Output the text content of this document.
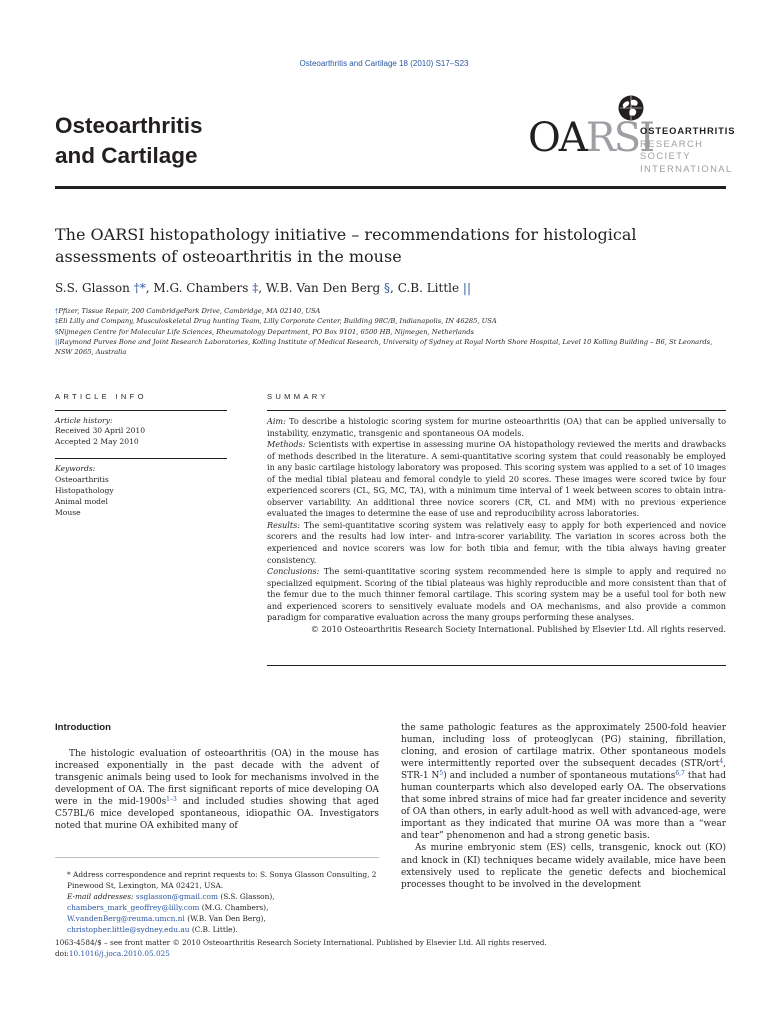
Osteoarthritis and Cartilage 18 (2010) S17–S23
Osteoarthritis
and Cartilage	OARSI
OSTEOARTHRITIS
RESEARCH SOCIETY
INTERNATIONAL
The OARSI histopathology initiative – recommendations for histological assessments of osteoarthritis in the mouse
S.S. Glasson †*, M.G. Chambers ‡, W.B. Van Den Berg §, C.B. Little ||
†Pfizer, Tissue Repair, 200 CambridgePark Drive, Cambridge, MA 02140, USA
‡Eli Lilly and Company, Musculoskeletal Drug hunting Team, Lilly Corporate Center, Building 98C/B, Indianapolis, IN 46285, USA
§Nijmegen Centre for Molecular Life Sciences, Rheumatology Department, PO Box 9101, 6500 HB, Nijmegen, Netherlands
||Raymond Purves Bone and Joint Research Laboratories, Kolling Institute of Medical Research, University of Sydney at Royal North Shore Hospital, Level 10 Kolling Building – B6, St Leonards, NSW 2065, Australia
ARTICLE INFO	SUMMARY
Article history:
Received 30 April 2010
Accepted 2 May 2010
Keywords:
Osteoarthritis
Histopathology
Animal model
Mouse

Aim: To describe a histologic scoring system for murine osteoarthritis (OA) that can be applied universally to instability, enzymatic, transgenic and spontaneous OA models.

Methods: Scientists with expertise in assessing murine OA histopathology reviewed the merits and drawbacks of methods described in the literature. A semi-quantitative scoring system that could reasonably be employed in any basic cartilage histology laboratory was proposed. This scoring system was applied to a set of 10 images of the medial tibial plateau and femoral condyle to yield 20 scores. These images were scored twice by four experienced scorers (CL, SG, MC, TA), with a minimum time interval of 1 week between scores to obtain intra-observer variability. An additional three novice scorers (CR, CL and MM) with no previous experience evaluated the images to determine the ease of use and reproducibility across laboratories.

Results: The semi-quantitative scoring system was relatively easy to apply for both experienced and novice scorers and the results had low inter- and intra-scorer variability. The variation in scores across both the experienced and novice scorers was low for both tibia and femur, with the tibia always having greater consistency.

Conclusions: The semi-quantitative scoring system recommended here is simple to apply and required no specialized equipment. Scoring of the tibial plateaus was highly reproducible and more consistent than that of the femur due to the much thinner femoral cartilage. This scoring system may be a useful tool for both new and experienced scorers to sensitively evaluate models and OA mechanisms, and also provide a common paradigm for comparative evaluation across the many groups performing these analyses.

© 2010 Osteoarthritis Research Society International. Published by Elsevier Ltd. All rights reserved.

Introduction
The histologic evaluation of osteoarthritis (OA) in the mouse has increased exponentially in the past decade with the advent of transgenic animals being used to look for mechanisms involved in the development of OA. The first significant reports of mice developing OA were in the mid-$1900s^{1-3}$ and included studies showing that aged C57BL/6 mice developed spontaneous, idiopathic OA. Investigators noted that murine OA exhibited many of

the same pathologic features as the approximately 2500-fold heavier human, including loss of proteoglycan (PG) staining, fibrillation, cloning, and erosion of cartilage matrix. Other spontaneous models were intermittently reported over the subsequent decades (STR/ort$^4$, STR-1 $N^5$) and included a number of spontaneous mutations$^{6,7}$ that had human counterparts which also developed early OA. The observations that some inbred strains of mice had far greater incidence and severity of OA than others, in early adult-hood as well with advanced-age, were important as they indicated that murine OA was more than a “wear and tear” phenomenon and had a strong genetic basis.

As murine embryonic stem (ES) cells, transgenic, knock out (KO) and knock in (KI) techniques became widely available, mice have been extensively used to replicate the genetic defects and biochemical processes thought to be involved in the development

* Address correspondence and reprint requests to: S. Sonya Glasson Consulting, 2 Pinewood St, Lexington, MA 02421, USA.
E-mail addresses: ssglasson@gmail.com (S.S. Glasson), chambers_mark_geoffrey@lilly.com (M.G. Chambers), W.vandenBerg@reuma.umcn.nl (W.B. Van Den Berg), christopher.little@sydney.edu.au (C.B. Little).
1063-4584/$ – see front matter © 2010 Osteoarthritis Research Society International. Published by Elsevier Ltd. All rights reserved.
doi:10.1016/j.joca.2010.05.025
